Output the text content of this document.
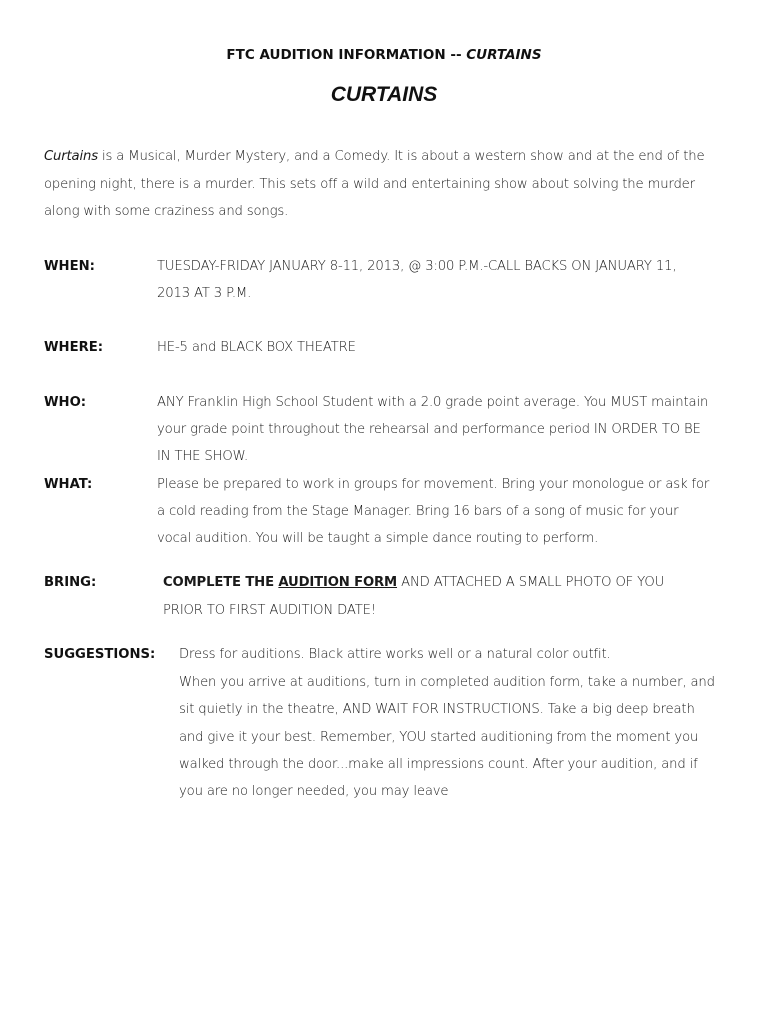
FTC AUDITION INFORMATION -- CURTAINS
CURTAINS
Curtains is a Musical, Murder Mystery, and a Comedy. It is about a western show and at the end of the
opening night, there is a murder. This sets off a wild and entertaining show about solving the murder
along with some craziness and songs.
WHEN:	TUESDAY-FRIDAY JANUARY 8-11, 2013, @ 3:00 P.M.-CALL BACKS ON JANUARY 11,
2013 AT 3 P.M.
WHERE:	HE-5 and BLACK BOX THEATRE
WHO:	ANY Franklin High School Student with a 2.0 grade point average. You MUST maintain
your grade point throughout the rehearsal and performance period IN ORDER TO BE
IN THE SHOW.
WHAT:	Please be prepared to work in groups for movement. Bring your monologue or ask for
a cold reading from the Stage Manager. Bring 16 bars of a song of music for your
vocal audition. You will be taught a simple dance routing to perform.
BRING:	COMPLETE THE AUDITION FORM AND ATTACHED A SMALL PHOTO OF YOU
PRIOR TO FIRST AUDITION DATE!
SUGGESTIONS: Dress for auditions. Black attire works well or a natural color outfit.
When you arrive at auditions, turn in completed audition form, take a number, and
sit quietly in the theatre, AND WAIT FOR INSTRUCTIONS. Take a big deep breath
and give it your best. Remember, YOU started auditioning from the moment you
walked through the door...make all impressions count. After your audition, and if
you are no longer needed, you may leave
